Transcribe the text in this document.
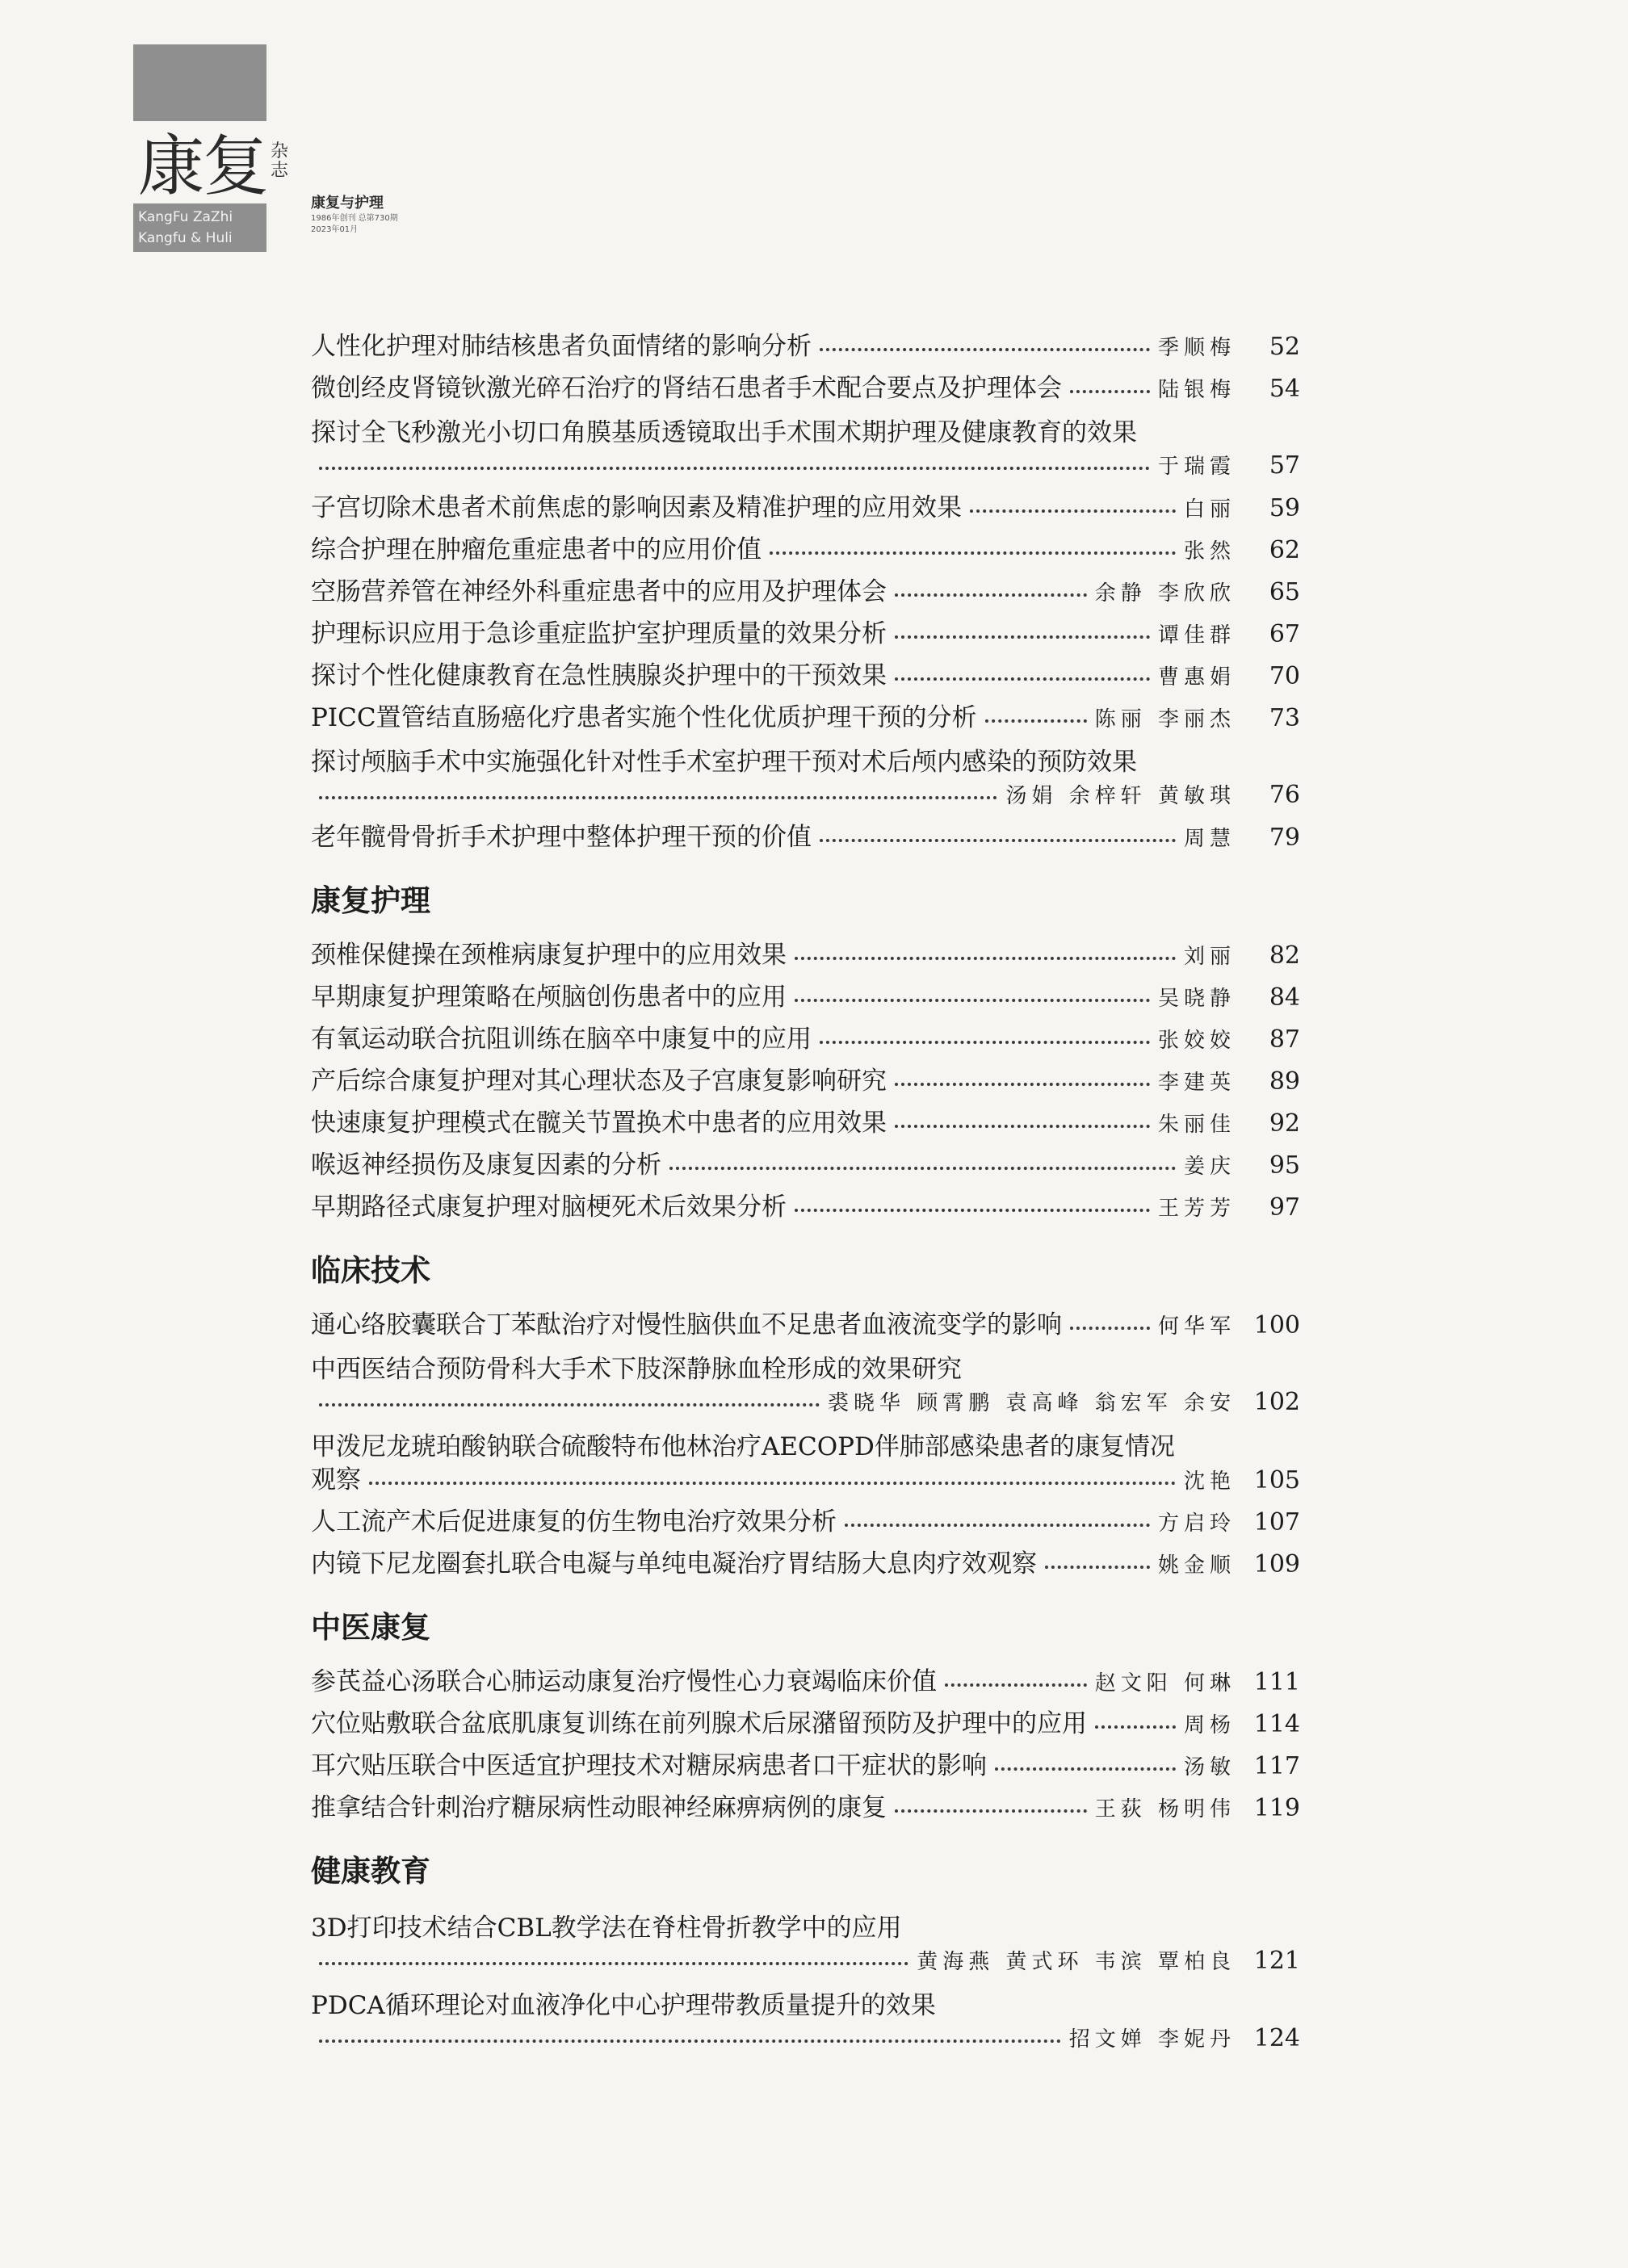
康复 杂志
KangFu ZaZhi
Kangfu & Huli
康复与护理
1986年创刊 总第730期
2023年01月
人性化护理对肺结核患者负面情绪的影响分析	季顺梅	52
微创经皮肾镜钬激光碎石治疗的肾结石患者手术配合要点及护理体会	陆银梅	54
探讨全飞秒激光小切口角膜基质透镜取出手术围术期护理及健康教育的效果
于瑞霞	57
子宫切除术患者术前焦虑的影响因素及精准护理的应用效果	白丽	59
综合护理在肿瘤危重症患者中的应用价值	张然	62
空肠营养管在神经外科重症患者中的应用及护理体会	余静 李欣欣	65
护理标识应用于急诊重症监护室护理质量的效果分析	谭佳群	67
探讨个性化健康教育在急性胰腺炎护理中的干预效果	曹惠娟	70
PICC置管结直肠癌化疗患者实施个性化优质护理干预的分析	陈丽 李丽杰	73
探讨颅脑手术中实施强化针对性手术室护理干预对术后颅内感染的预防效果
汤娟 余梓轩 黄敏琪	76
老年髋骨骨折手术护理中整体护理干预的价值	周慧	79
康复护理
颈椎保健操在颈椎病康复护理中的应用效果	刘丽	82
早期康复护理策略在颅脑创伤患者中的应用	吴晓静	84
有氧运动联合抗阻训练在脑卒中康复中的应用	张姣姣	87
产后综合康复护理对其心理状态及子宫康复影响研究	李建英	89
快速康复护理模式在髋关节置换术中患者的应用效果	朱丽佳	92
喉返神经损伤及康复因素的分析	姜庆	95
早期路径式康复护理对脑梗死术后效果分析	王芳芳	97
临床技术
通心络胶囊联合丁苯酞治疗对慢性脑供血不足患者血液流变学的影响	何华军 100
中西医结合预防骨科大手术下肢深静脉血栓形成的效果研究
裘晓华 顾霄鹏 袁高峰 翁宏军 余安 102
甲泼尼龙琥珀酸钠联合硫酸特布他林治疗AECOPD伴肺部感染患者的康复情况
观察	沈艳 105
人工流产术后促进康复的仿生物电治疗效果分析	方启玲 107
内镜下尼龙圈套扎联合电凝与单纯电凝治疗胃结肠大息肉疗效观察	姚金顺 109
中医康复
参芪益心汤联合心肺运动康复治疗慢性心力衰竭临床价值	赵文阳 何琳 111
穴位贴敷联合盆底肌康复训练在前列腺术后尿潴留预防及护理中的应用	周杨 114
耳穴贴压联合中医适宜护理技术对糖尿病患者口干症状的影响	汤敏 117
推拿结合针刺治疗糖尿病性动眼神经麻痹病例的康复	王荻 杨明伟 119
健康教育
3D打印技术结合CBL教学法在脊柱骨折教学中的应用
黄海燕 黄式环 韦滨 覃柏良 121
PDCA循环理论对血液净化中心护理带教质量提升的效果
招文婵 李妮丹 124
